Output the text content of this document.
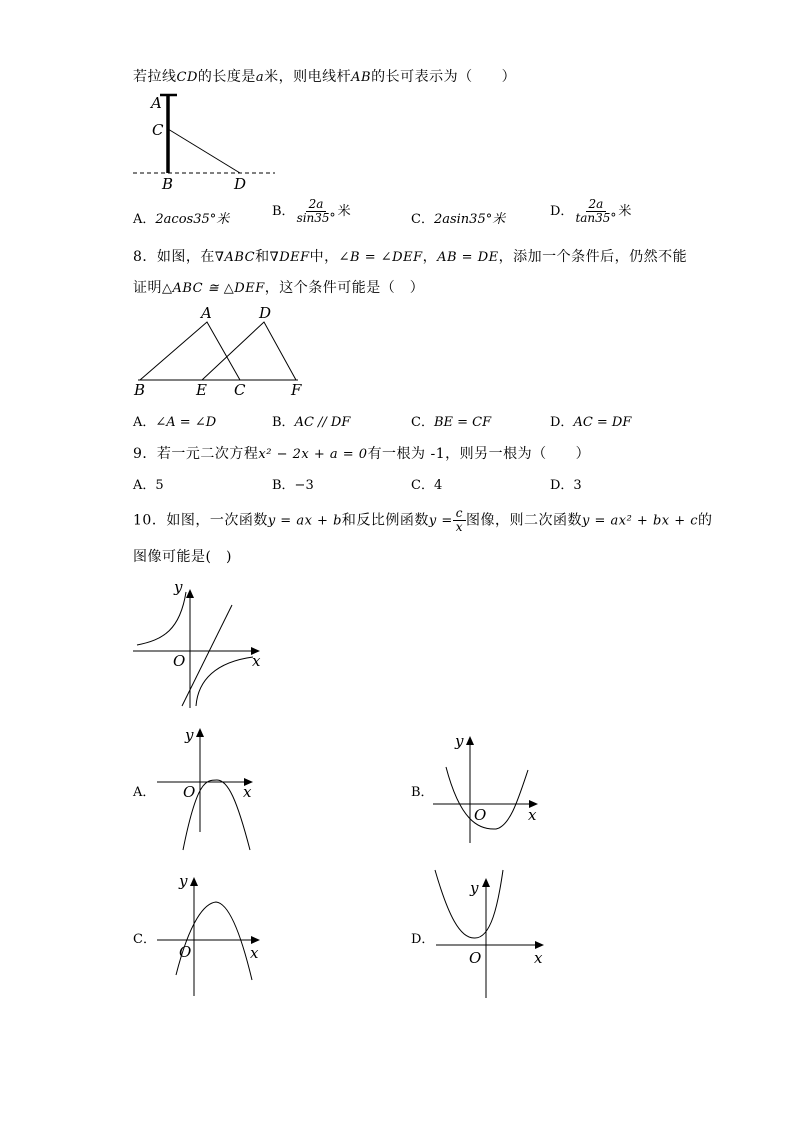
若拉线CD的长度是a米，则电线杆AB的长可表示为（　　）
A
C
B	D
A．2acos35°米
B． $\frac{2a}{\sin 35^\circ}$ 米
C．2asin35°米
D． $\frac{2a}{\tan 35^\circ}$ 米
8．如图，在∇ABC和∇DEF中，∠B = ∠DEF，AB = DE，添加一个条件后，仍然不能
证明△ABC ≅ △DEF，这个条件可能是（　）
A	D
B	E C	F
A．∠A = ∠D	B．AC // DF	C．BE = CF	D．AC = DF
9．若一元二次方程x² − 2x + a = 0有一根为 -1，则另一根为（　　）
A．5	B．−3	C．4	D．3
10．如图，一次函数y = ax + b和反比例函数$y = \frac{c}{x}$ 图像，则二次函数y = ax² + bx + c的
图像可能是(　)
y
O	x
A．
y
O	x	B．
y
O	x
C．
y
O	x
D．
y
O	x
